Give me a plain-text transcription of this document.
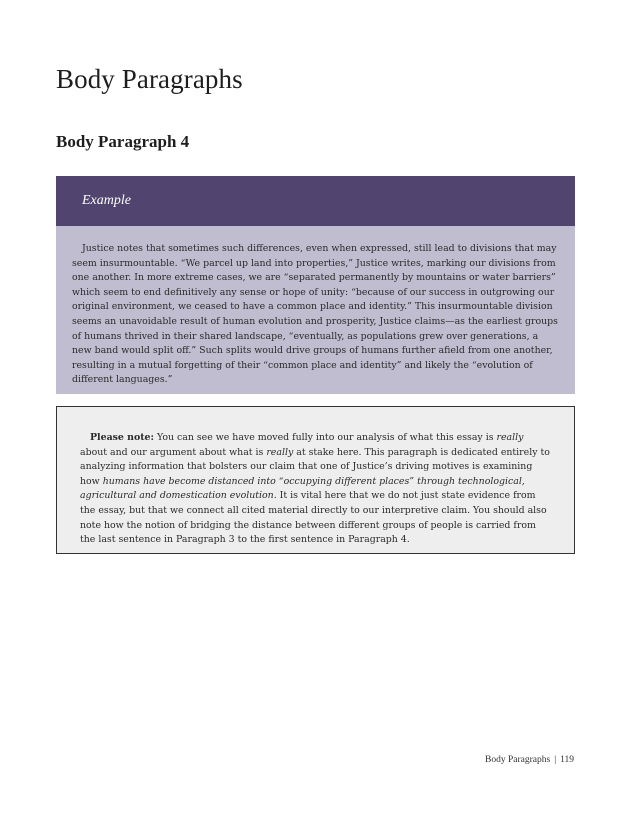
Body Paragraphs
Body Paragraph 4
Example

Justice notes that sometimes such differences, even when expressed, still lead to divisions that may seem insurmountable. “We parcel up land into properties,” Justice writes, marking our divisions from one another. In more extreme cases, we are “separated permanently by mountains or water barriers” which seem to end definitively any sense or hope of unity: “because of our success in outgrowing our original environment, we ceased to have a common place and identity.” This insurmountable division seems an unavoidable result of human evolution and prosperity, Justice claims—as the earliest groups of humans thrived in their shared landscape, “eventually, as populations grew over generations, a new band would split off.” Such splits would drive groups of humans further afield from one another, resulting in a mutual forgetting of their “common place and identity” and likely the “evolution of different languages.”

Please note: You can see we have moved fully into our analysis of what this essay is really about and our argument about what is really at stake here. This paragraph is dedicated entirely to analyzing information that bolsters our claim that one of Justice’s driving motives is examining how humans have become distanced into “occupying different places” through technological, agricultural and domestication evolution. It is vital here that we do not just state evidence from the essay, but that we connect all cited material directly to our interpretive claim. You should also note how the notion of bridging the distance between different groups of people is carried from the last sentence in Paragraph 3 to the first sentence in Paragraph 4.

Body Paragraphs | 119
